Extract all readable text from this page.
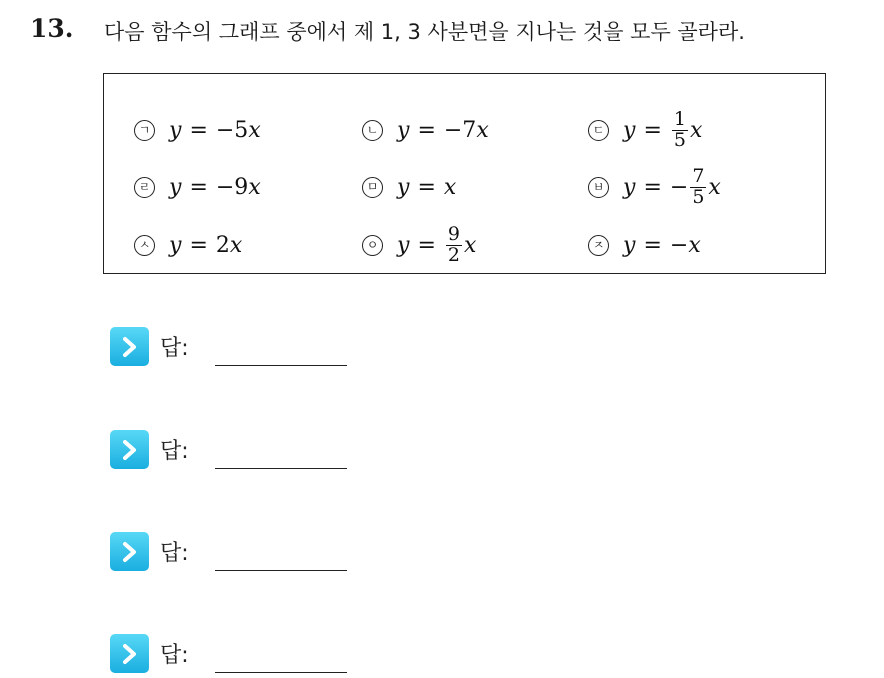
13. 다음 함수의 그래프 중에서 제 1, 3 사분면을 지나는 것을 모두 골라라.
ㄱ y = −5 x	ㄴ y = −7 x	ㄷ $y = \frac{1}{5}$ x
ㄹ y = −9 x	ㅁ y = x	ㅂ y = − $\frac{7}{5}$ x
ㅅ y = 2 x	ㅇ $y = \frac{9}{2}$ x	ㅈ y = − x
답:
답:
답:
답:
